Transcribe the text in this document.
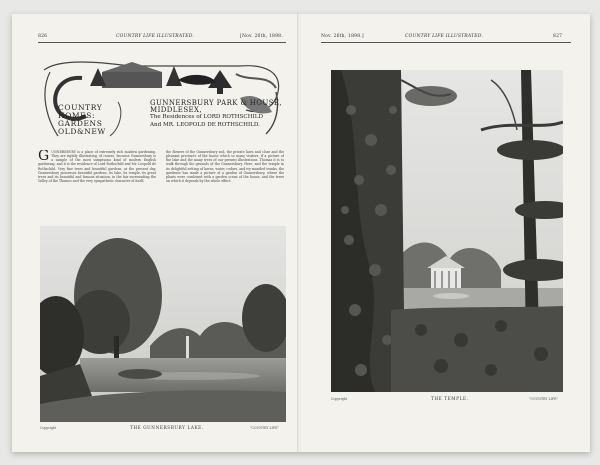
826	COUNTRY LIFE ILLUSTRATED.	[Nov. 26th, 1898.
COUNTRY
HOMES:
GARDENS
OLD&NEW
GUNNERSBURY PARK & HOUSE,
MIDDLESEX,
The Residences of LORD ROTHSCHILD
And MR. LEOPOLD DE ROTHSCHILD.
GUNNERSBURY is a place of extremely rich modern gardening. They are rightly illustrating, of course, because Gunnersbury is a sample of the most sumptuous kind of modern English gardening, and it is the residence of Lord Rothschild and Mr. Leopold de Rothschild. Very fine trees and beautiful gardens, at the present day, Gunnersbury possesses beautiful gardens; its lake, its temple, its great trees and its beautiful and famous situation, in the fair surrounding the Valley of the Thames and the very sympathetic character of itself.
the flowers of the Gunnersbury soil, the private lawn and close and the pleasant precincts of the house which so many visitors, if a picture of the lake and the many trees of our present illustrations. Thomas it is to walk through the grounds of the Gunnersbury. Here, and the temple in its delightful setting of lawns, water, cedars, and ivy-mantled trunks, the gardener has made a picture of a garden of Gunnersbury, where the plants were combined with a garden scene of the house, and the trees on which it depends by the whole effect.
Copyright	THE GUNNERSBURY LAKE.	"COUNTRY LIFE"
Nov. 26th, 1898.]	COUNTRY LIFE ILLUSTRATED.	827
Copyright	THE TEMPLE.	"COUNTRY LIFE"
